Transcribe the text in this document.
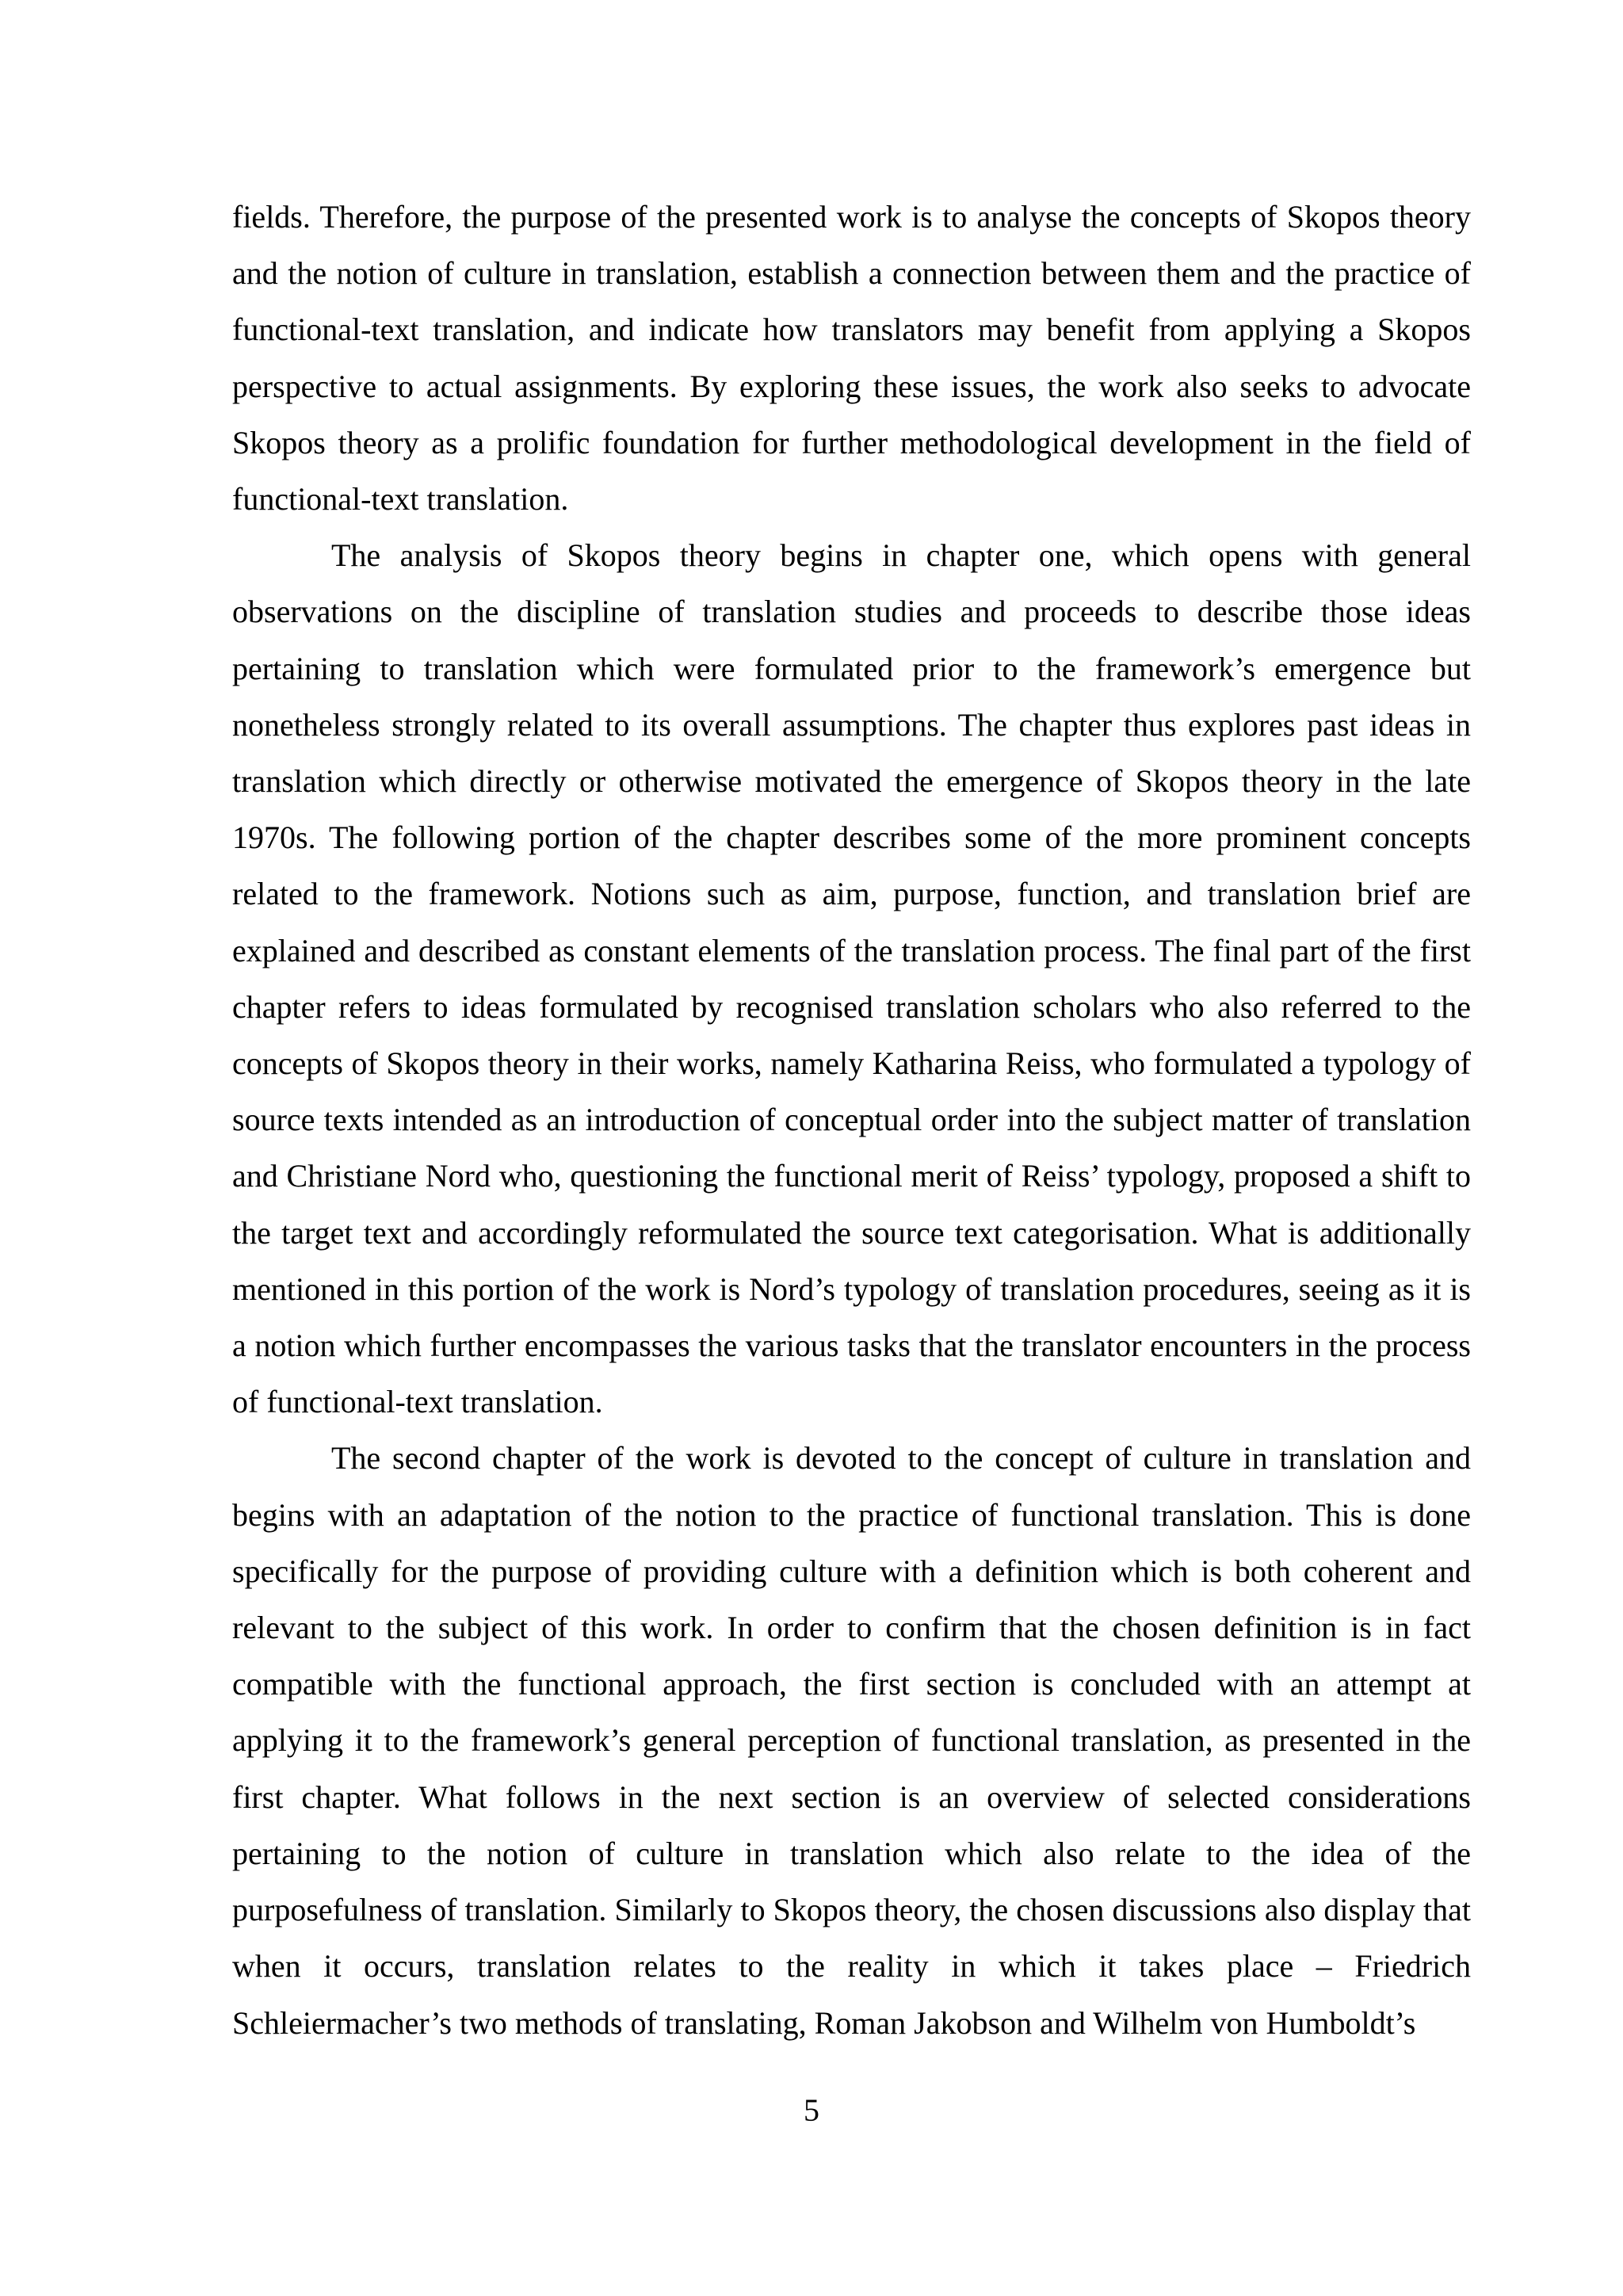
fields. Therefore, the purpose of the presented work is to analyse the concepts of Skopos theory and the notion of culture in translation, establish a connection between them and the practice of functional-text translation, and indicate how translators may benefit from applying a Skopos perspective to actual assignments. By exploring these issues, the work also seeks to advocate Skopos theory as a prolific foundation for further methodological development in the field of functional-text translation.

The analysis of Skopos theory begins in chapter one, which opens with general observations on the discipline of translation studies and proceeds to describe those ideas pertaining to translation which were formulated prior to the framework’s emergence but nonetheless strongly related to its overall assumptions. The chapter thus explores past ideas in translation which directly or otherwise motivated the emergence of Skopos theory in the late 1970s. The following portion of the chapter describes some of the more prominent concepts related to the framework. Notions such as aim, purpose, function, and translation brief are explained and described as constant elements of the translation process. The final part of the first chapter refers to ideas formulated by recognised translation scholars who also referred to the concepts of Skopos theory in their works, namely Katharina Reiss, who formulated a typology of source texts intended as an introduction of conceptual order into the subject matter of translation and Christiane Nord who, questioning the functional merit of Reiss’ typology, proposed a shift to the target text and accordingly reformulated the source text categorisation. What is additionally mentioned in this portion of the work is Nord’s typology of translation procedures, seeing as it is a notion which further encompasses the various tasks that the translator encounters in the process of functional-text translation.

The second chapter of the work is devoted to the concept of culture in translation and begins with an adaptation of the notion to the practice of functional translation. This is done specifically for the purpose of providing culture with a definition which is both coherent and relevant to the subject of this work. In order to confirm that the chosen definition is in fact compatible with the functional approach, the first section is concluded with an attempt at applying it to the framework’s general perception of functional translation, as presented in the first chapter. What follows in the next section is an overview of selected considerations pertaining to the notion of culture in translation which also relate to the idea of the purposefulness of translation. Similarly to Skopos theory, the chosen discussions also display that when it occurs, translation relates to the reality in which it takes place – Friedrich Schleiermacher’s two methods of translating, Roman Jakobson and Wilhelm von Humboldt’s

5
